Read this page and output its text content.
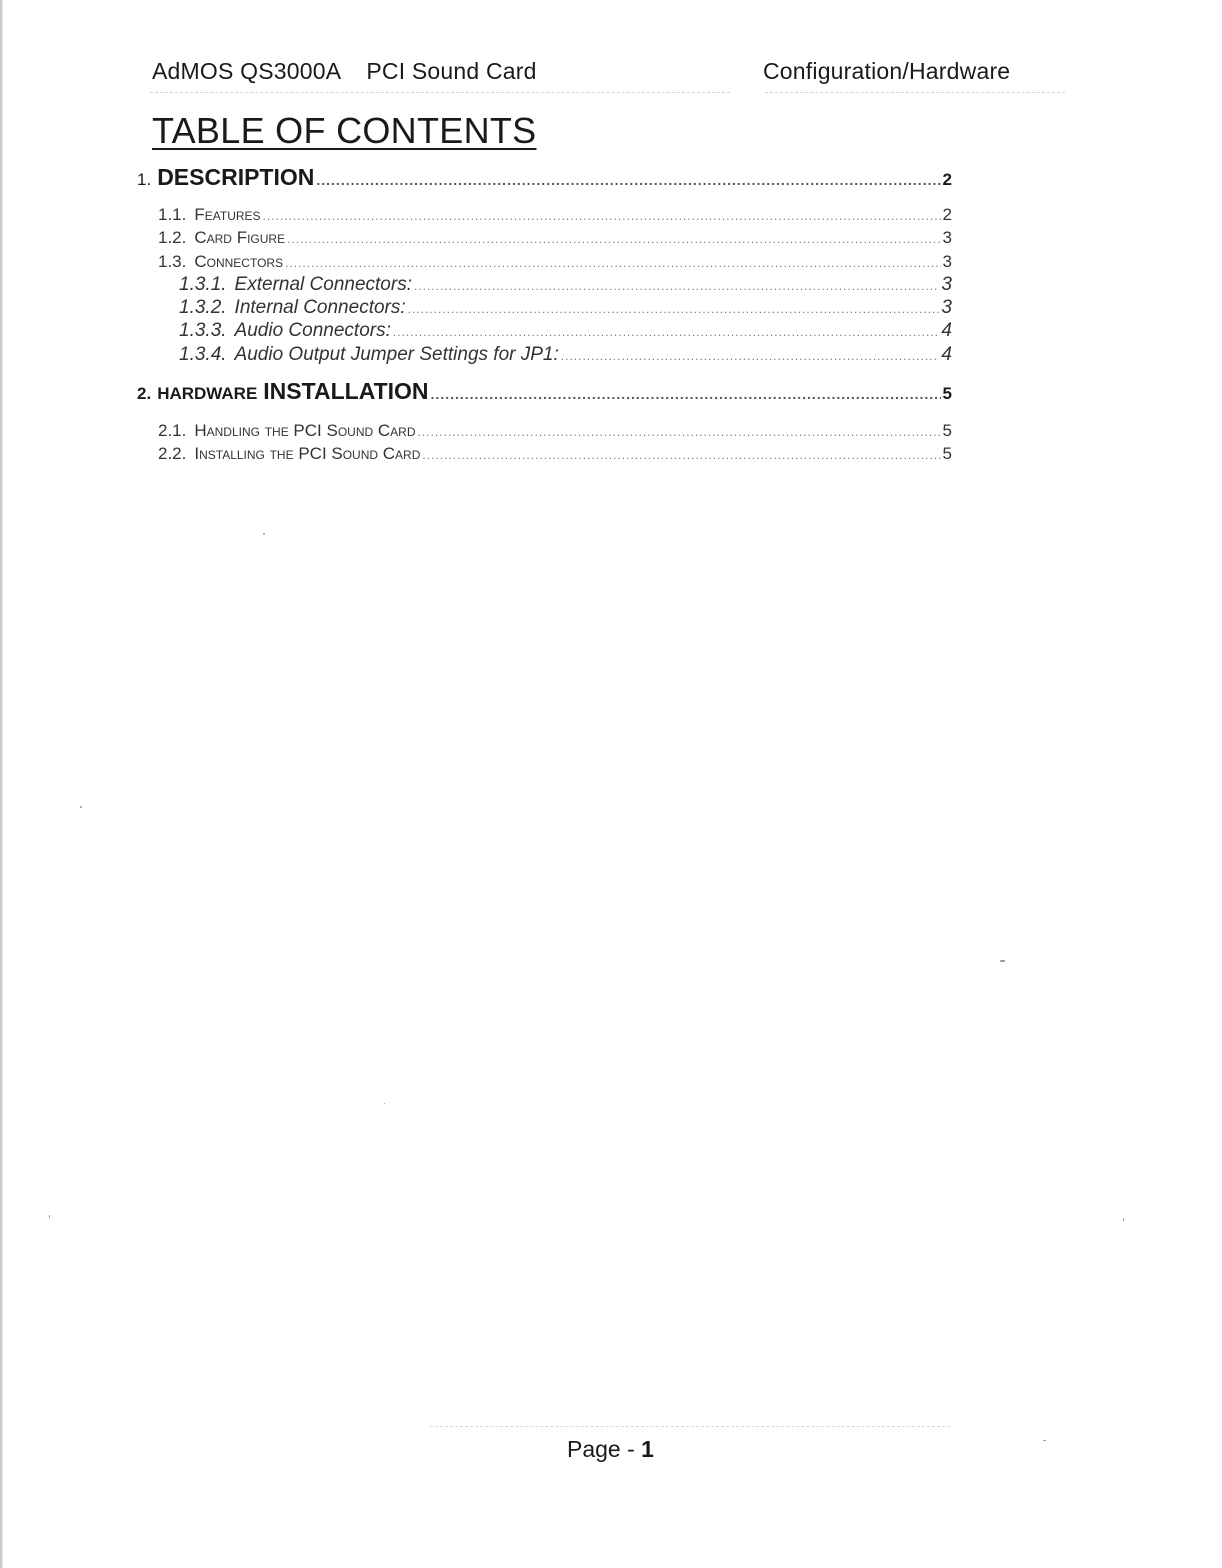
AdMOS QS3000A    PCI Sound Card	Configuration/Hardware
TABLE OF CONTENTS
1. DESCRIPTION .....	2
1.1. Features .....	2
1.2. Card Figure .....	3
1.3. Connectors .....	3
1.3.1. External Connectors: .....	3
1.3.2. Internal Connectors: .....	3
1.3.3. Audio Connectors: .....	4
1.3.4. Audio Output Jumper Settings for JP1: .....	4
2. HARDWARE INSTALLATION .....	5
2.1. Handling the PCI Sound Card .....	5
2.2. Installing the PCI Sound Card .....	5
Page - 1
